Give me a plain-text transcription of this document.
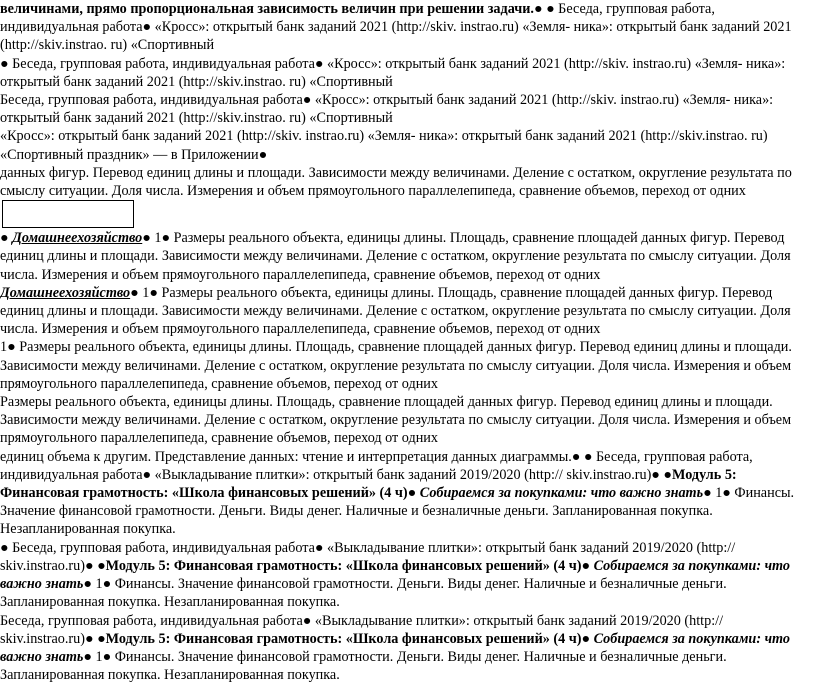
величинами, прямо пропорциональная зависимость величин при решении задачи.● ● Беседа, групповая работа, индивидуальная работа● «Кросс»: открытый банк заданий 2021 (http://skiv. instrao.ru) «Земля- ника»: открытый банк заданий 2021 (http://skiv.instrao. ru) «Спортивный

● Беседа, групповая работа, индивидуальная работа● «Кросс»: открытый банк заданий 2021 (http://skiv. instrao.ru) «Земля- ника»: открытый банк заданий 2021 (http://skiv.instrao. ru) «Спортивный

Беседа, групповая работа, индивидуальная работа● «Кросс»: открытый банк заданий 2021 (http://skiv. instrao.ru) «Земля- ника»: открытый банк заданий 2021 (http://skiv.instrao. ru) «Спортивный

«Кросс»: открытый банк заданий 2021 (http://skiv. instrao.ru) «Земля- ника»: открытый банк заданий 2021 (http://skiv.instrao. ru) «Спортивный праздник» — в Приложении●

данных фигур. Перевод единиц длины и площади. Зависимости между величинами. Деление с остатком, округление результата по смыслу ситуации. Доля числа. Измерения и объем прямоугольного параллелепипеда, сравнение объемов, переход от одних

● Домашнеехозяйство● 1● Размеры реального объекта, единицы длины. Площадь, сравнение площадей данных фигур. Перевод единиц длины и площади. Зависимости между величинами. Деление с остатком, округление результата по смыслу ситуации. Доля числа. Измерения и объем прямоугольного параллелепипеда, сравнение объемов, переход от одних

Домашнеехозяйство● 1● Размеры реального объекта, единицы длины. Площадь, сравнение площадей данных фигур. Перевод единиц длины и площади. Зависимости между величинами. Деление с остатком, округление результата по смыслу ситуации. Доля числа. Измерения и объем прямоугольного параллелепипеда, сравнение объемов, переход от одних

1● Размеры реального объекта, единицы длины. Площадь, сравнение площадей данных фигур. Перевод единиц длины и площади. Зависимости между величинами. Деление с остатком, округление результата по смыслу ситуации. Доля числа. Измерения и объем прямоугольного параллелепипеда, сравнение объемов, переход от одних

Размеры реального объекта, единицы длины. Площадь, сравнение площадей данных фигур. Перевод единиц длины и площади. Зависимости между величинами. Деление с остатком, округление результата по смыслу ситуации. Доля числа. Измерения и объем прямоугольного параллелепипеда, сравнение объемов, переход от одних

единиц объема к другим. Представление данных: чтение и интерпретация данных диаграммы.● ● Беседа, групповая работа, индивидуальная работа● «Выкладывание плитки»: открытый банк заданий 2019/2020 (http:// skiv.instrao.ru)● ●Модуль 5: Финансовая грамотность: «Школа финансовых решений» (4 ч)● Собираемся за покупками: что важно знать● 1● Финансы. Значение финансовой грамотности. Деньги. Виды денег. Наличные и безналичные деньги. Запланированная покупка. Незапланированная покупка.

● Беседа, групповая работа, индивидуальная работа● «Выкладывание плитки»: открытый банк заданий 2019/2020 (http:// skiv.instrao.ru)● ●Модуль 5: Финансовая грамотность: «Школа финансовых решений» (4 ч)● Собираемся за покупками: что важно знать● 1● Финансы. Значение финансовой грамотности. Деньги. Виды денег. Наличные и безналичные деньги. Запланированная покупка. Незапланированная покупка.

Беседа, групповая работа, индивидуальная работа● «Выкладывание плитки»: открытый банк заданий 2019/2020 (http:// skiv.instrao.ru)● ●Модуль 5: Финансовая грамотность: «Школа финансовых решений» (4 ч)● Собираемся за покупками: что важно знать● 1● Финансы. Значение финансовой грамотности. Деньги. Виды денег. Наличные и безналичные деньги. Запланированная покупка. Незапланированная покупка.
